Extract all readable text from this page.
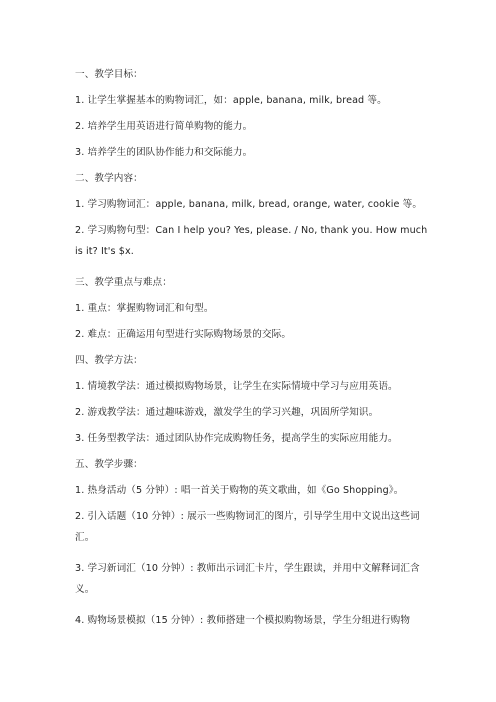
一、教学目标：
1. 让学生掌握基本的购物词汇，如：apple, banana, milk, bread 等。
2. 培养学生用英语进行简单购物的能力。
3. 培养学生的团队协作能力和交际能力。
二、教学内容：
1. 学习购物词汇：apple, banana, milk, bread, orange, water, cookie 等。
2. 学习购物句型：Can I help you? Yes, please. / No, thank you. How much is it? It's $x.
三、教学重点与难点：
1. 重点：掌握购物词汇和句型。
2. 难点：正确运用句型进行实际购物场景的交际。
四、教学方法：
1. 情境教学法：通过模拟购物场景，让学生在实际情境中学习与应用英语。
2. 游戏教学法：通过趣味游戏，激发学生的学习兴趣，巩固所学知识。
3. 任务型教学法：通过团队协作完成购物任务，提高学生的实际应用能力。
五、教学步骤：
1. 热身活动（5 分钟）: 唱一首关于购物的英文歌曲，如《Go Shopping》。
2. 引入话题（10 分钟）: 展示一些购物词汇的图片，引导学生用中文说出这些词汇。
3. 学习新词汇（10 分钟）: 教师出示词汇卡片，学生跟读，并用中文解释词汇含义。
4. 购物场景模拟（15 分钟）: 教师搭建一个模拟购物场景，学生分组进行购物
